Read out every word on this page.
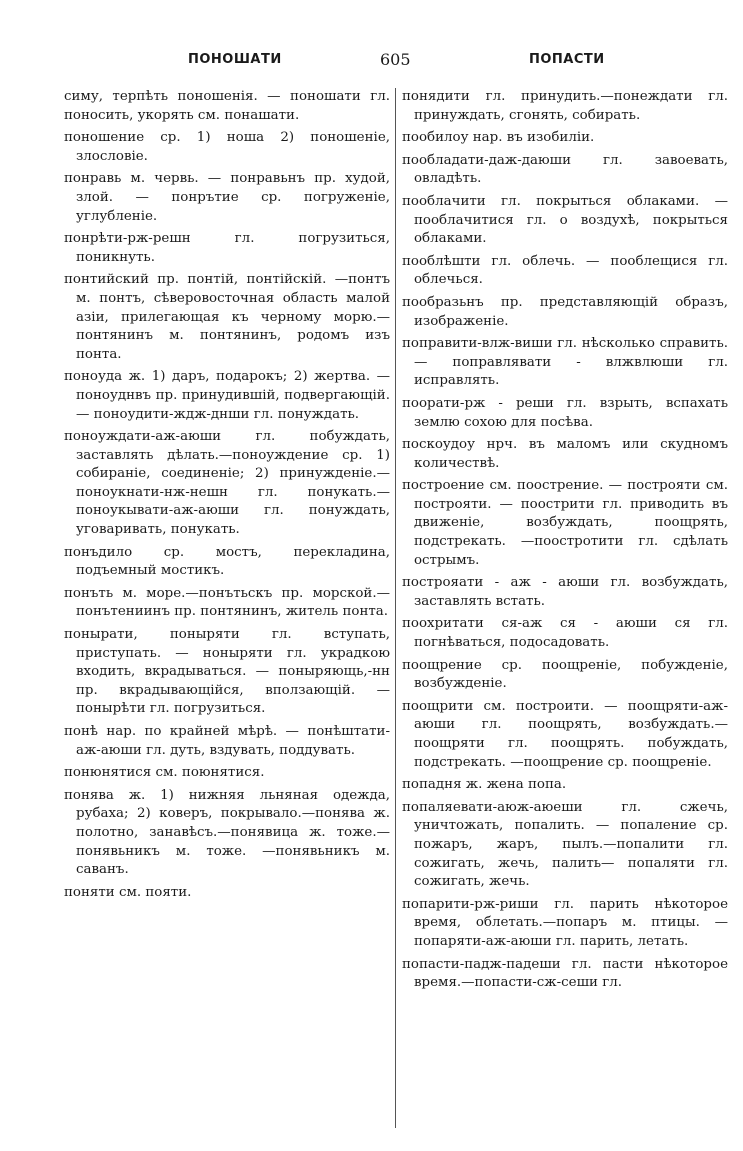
ПОНОШАТИ	605	ПОПАСТИ
симу, терпѣть поношенія. — поношати гл. поносить, укорять см. понашати.
поношение ср. 1) ноша 2) поношеніе, злословіе.
понравь м. червь. — понравьнъ пр. худой, злой. — понрътие ср. погруженіе, углубленіе.
понрѣти-рж-решн гл. погрузиться, поникнуть.
понтийский пр. понтій, понтійскій. —понтъ м. понтъ, сѣверовосточная область малой азіи, прилегающая къ черному морю.—понтянинъ м. понтянинъ, родомъ изъ понта.
поноуда ж. 1) даръ, подарокъ; 2) жертва. — поноуднвъ пр. принудившій, подвергающій. — поноудити-ждж-днши гл. понуждать.
поноуждати-аж-аюши гл. побуждать, заставлять дѣлать.—поноуждение ср. 1) собираніе, соединеніе; 2) принужденіе.—поноукнати-нж-нешн гл. понукать.— поноукывати-аж-аюши гл. понуждать, уговаривать, понукать.
понъдило ср. мостъ, перекладина, подъемный мостикъ.
понъть м. море.—понътьскъ пр. морской.—понътениинъ пр. понтянинъ, житель понта.
понырати, поныряти гл. вступать, приступать. — ноныряти гл. украдкою входить, вкрадываться. — поныряющь,-нн пр. вкрадывающійся, вползающій. — понырѣти гл. погрузиться.
понѣ нар. по крайней мѣрѣ. — понѣштати-аж-аюши гл. дуть, вздувать, поддувать.
понюнятися см. поюнятися.
понява ж. 1) нижняя льняная одежда, рубаха; 2) коверъ, покрывало.—понява ж. полотно, занавѣсъ.—понявица ж. тоже.—понявьникъ м. тоже. —понявьникъ м. саванъ.
поняти см. пояти.
понядити гл. принудить.—понеждати гл. принуждать, сгонять, собирать.
пообилоу нар. въ изобиліи.
пообладати-даж-даюши гл. завоевать, овладѣть.
пооблачити гл. покрыться облаками. —пооблачитися гл. о воздухѣ, покрыться облаками.
пооблѣшти гл. облечь. — пооблещися гл. облечься.
пообразьнъ пр. представляющій образъ, изображеніе.
поправити-влж-виши гл. нѣсколько справить. — поправлявати - влжвлюши гл. исправлять.
поорати-рж - реши гл. взрыть, вспахать землю сохою для посѣва.
поскоудоу нрч. въ маломъ или скудномъ количествѣ.
построение см. поострение. — построяти см. построяти. — поострити гл. приводить въ движеніе, возбуждать, поощрять, подстрекать. —поостротити гл. сдѣлать острымъ.
построяати - аж - аюши гл. возбуждать, заставлять встать.
поохритати ся-аж ся - аюши ся гл. погнѣваться, подосадовать.
поощрение ср. поощреніе, побужденіе, возбужденіе.
поощрити см. построити. — поощряти-аж-аюши гл. поощрять, возбуждать.—поощряти гл. поощрять. побуждать, подстрекать. —поощрение ср. поощреніе.
попадня ж. жена попа.
попаляевати-аюж-аюеши гл. сжечь, уничтожать, попалить. — попаление ср. пожаръ, жаръ, пылъ.—попалити гл. сожигать, жечь, палить— попаляти гл. сожигать, жечь.
попарити-рж-риши гл. парить нѣкоторое время, облетать.—попаръ м. птицы. — попаряти-аж-аюши гл. парить, летать.
попасти-падж-падеши гл. пасти нѣкоторое время.—попасти-сж-сеши гл.
